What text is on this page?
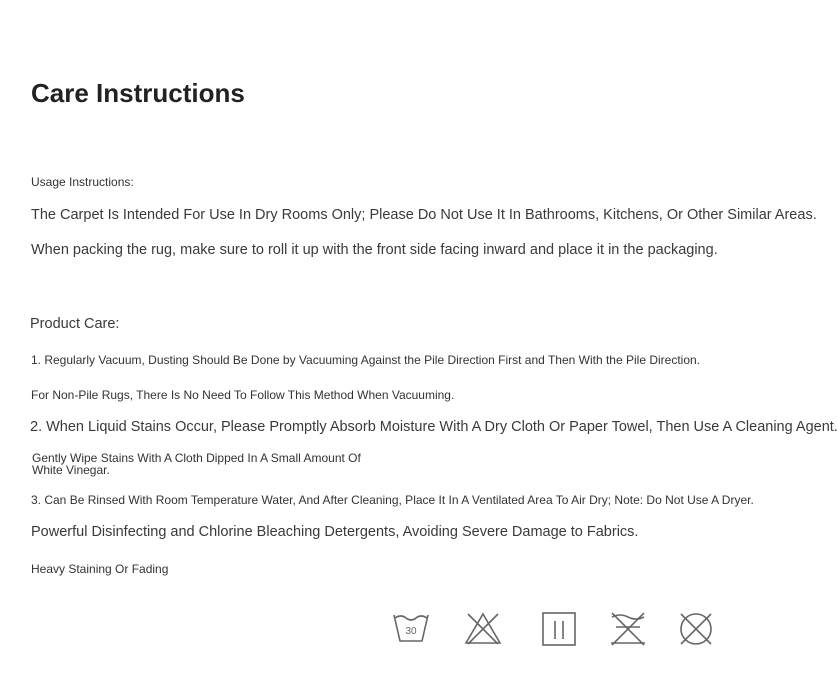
Care Instructions
Usage Instructions:
The Carpet Is Intended For Use In Dry Rooms Only; Please Do Not Use It In Bathrooms, Kitchens, Or Other Similar Areas.
When packing the rug, make sure to roll it up with the front side facing inward and place it in the packaging.
Product Care:
1. Regularly Vacuum, Dusting Should Be Done by Vacuuming Against the Pile Direction First and Then With the Pile Direction.
For Non-Pile Rugs, There Is No Need To Follow This Method When Vacuuming.
2. When Liquid Stains Occur, Please Promptly Absorb Moisture With A Dry Cloth Or Paper Towel, Then Use A Cleaning Agent.
Gently Wipe Stains With A Cloth Dipped In A Small Amount Of White Vinegar.
3. Can Be Rinsed With Room Temperature Water, And After Cleaning, Place It In A Ventilated Area To Air Dry; Note: Do Not Use A Dryer.
Powerful Disinfecting and Chlorine Bleaching Detergents, Avoiding Severe Damage to Fabrics.
Heavy Staining Or Fading
30
